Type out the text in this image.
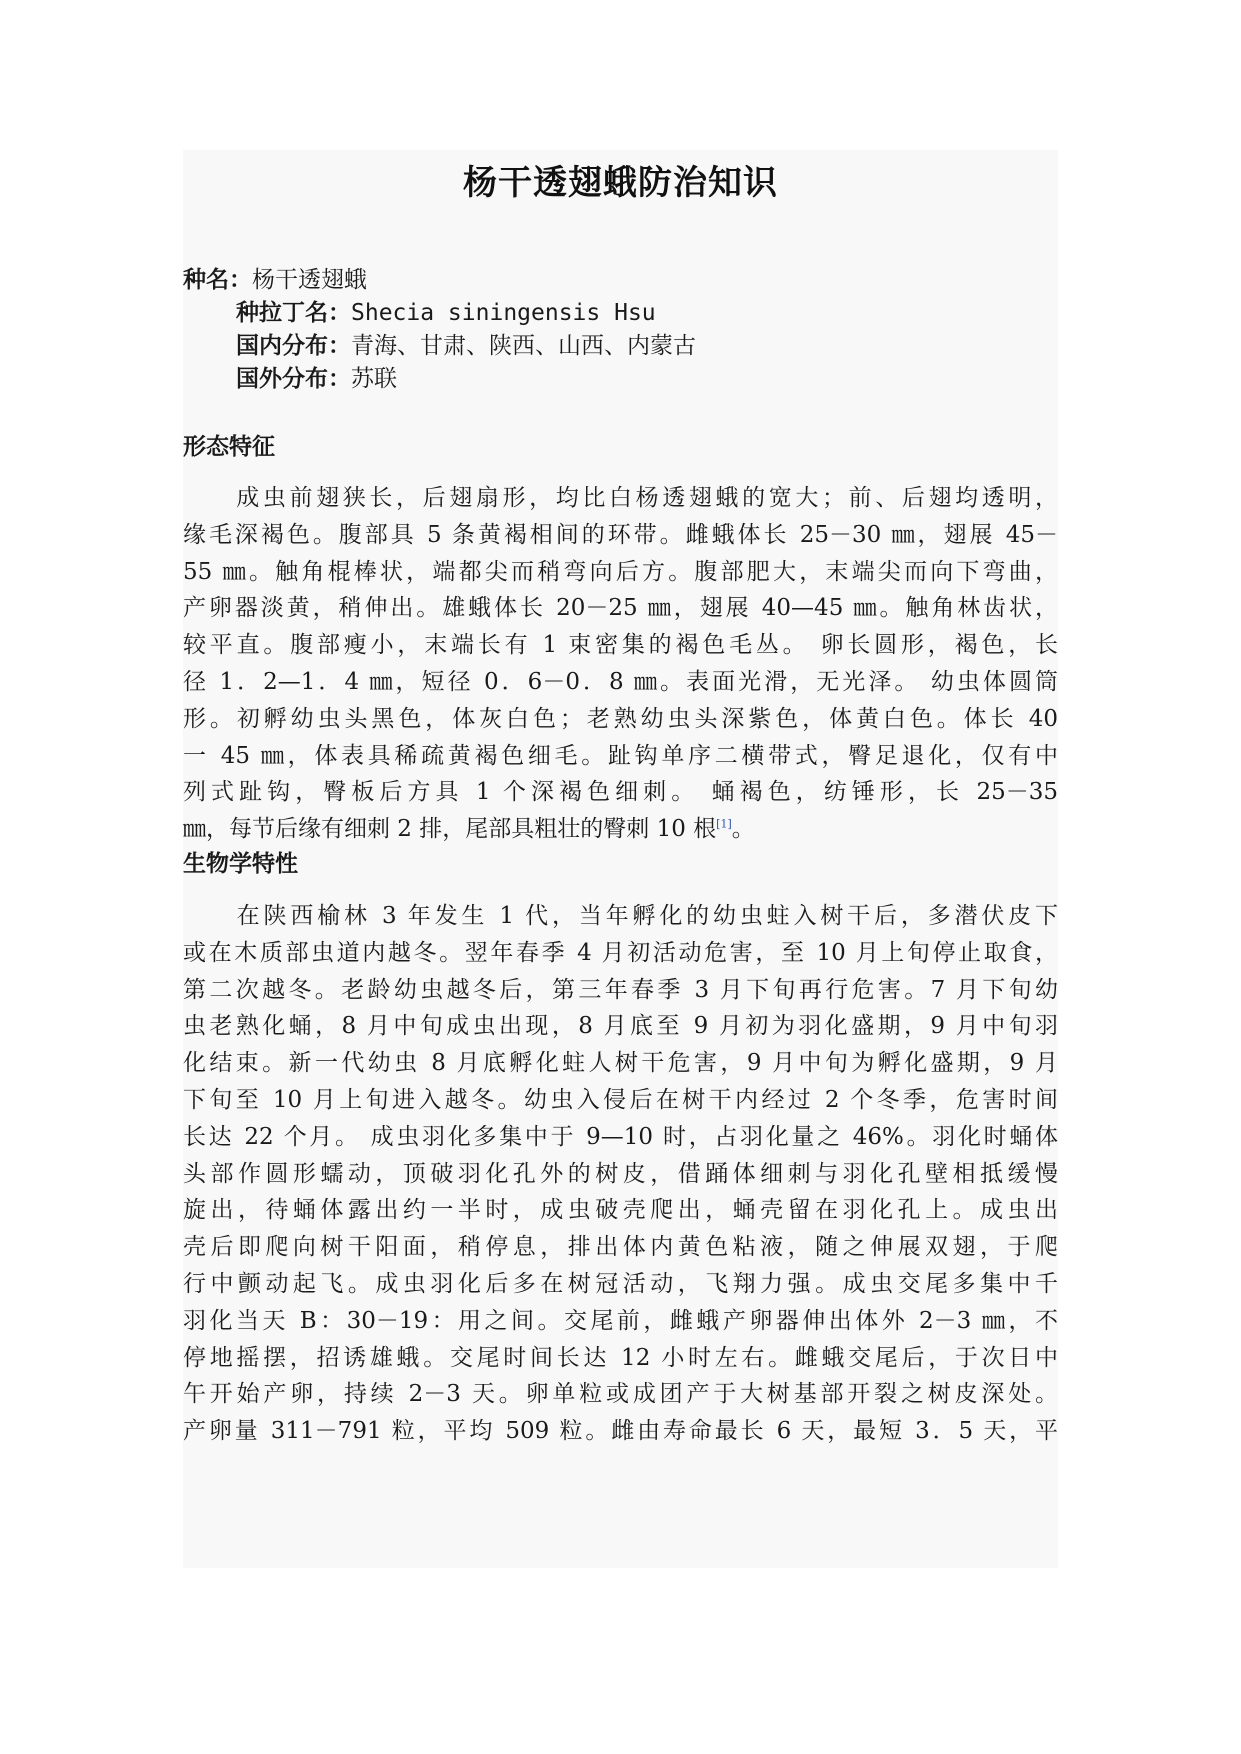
杨干透翅蛾防治知识
种名：杨干透翅蛾
种拉丁名：Shecia siningensis Hsu
国内分布：青海、甘肃、陕西、山西、内蒙古
国外分布：苏联
形态特征
　　成虫前翅狭长，后翅扇形，均比白杨透翅蛾的宽大；前、后翅均透明，
缘毛深褐色。腹部具 5 条黄褐相间的环带。雌蛾体长 25－30 ㎜，翅展 45－
55 ㎜。触角棍棒状，端都尖而稍弯向后方。腹部肥大，末端尖而向下弯曲，
产卵器淡黄，稍伸出。雄蛾体长 20－25 ㎜，翅展 40—45 ㎜。触角林齿状，
较平直。腹部瘦小，末端长有 1 束密集的褐色毛丛。 卵长圆形，褐色，长
径 1．2—1．4 ㎜，短径 0．6－0．8 ㎜。表面光滑，无光泽。 幼虫体圆筒
形。初孵幼虫头黑色，体灰白色；老熟幼虫头深紫色，体黄白色。体长 40
一 45 ㎜，体表具稀疏黄褐色细毛。趾钩单序二横带式，臀足退化，仅有中
列式趾钩，臀板后方具 1 个深褐色细刺。 蛹褐色，纺锤形，长 25－35
㎜，每节后缘有细刺 2 排，尾部具粗壮的臀刺 10 根[1]。
生物学特性
　　在陕西榆林 3 年发生 1 代，当年孵化的幼虫蛀入树干后，多潜伏皮下
或在木质部虫道内越冬。翌年春季 4 月初活动危害，至 10 月上旬停止取食，
第二次越冬。老龄幼虫越冬后，第三年春季 3 月下旬再行危害。7 月下旬幼
虫老熟化蛹，8 月中旬成虫出现，8 月底至 9 月初为羽化盛期，9 月中旬羽
化结束。新一代幼虫 8 月底孵化蛀人树干危害，9 月中旬为孵化盛期，9 月
下旬至 10 月上旬进入越冬。幼虫入侵后在树干内经过 2 个冬季，危害时间
长达 22 个月。 成虫羽化多集中于 9—10 时，占羽化量之 46%。羽化时蛹体
头部作圆形蠕动，顶破羽化孔外的树皮，借踊体细刺与羽化孔壁相抵缓慢
旋出，待蛹体露出约一半时，成虫破壳爬出，蛹壳留在羽化孔上。成虫出
壳后即爬向树干阳面，稍停息，排出体内黄色粘液，随之伸展双翅，于爬
行中颤动起飞。成虫羽化后多在树冠活动，飞翔力强。成虫交尾多集中千
羽化当天 B：30－19：用之间。交尾前，雌蛾产卵器伸出体外 2－3 ㎜，不
停地摇摆，招诱雄蛾。交尾时间长达 12 小时左右。雌蛾交尾后，于次日中
午开始产卵，持续 2－3 天。卵单粒或成团产于大树基部开裂之树皮深处。
产卵量 311－791 粒，平均 509 粒。雌由寿命最长 6 天，最短 3．5 天，平
